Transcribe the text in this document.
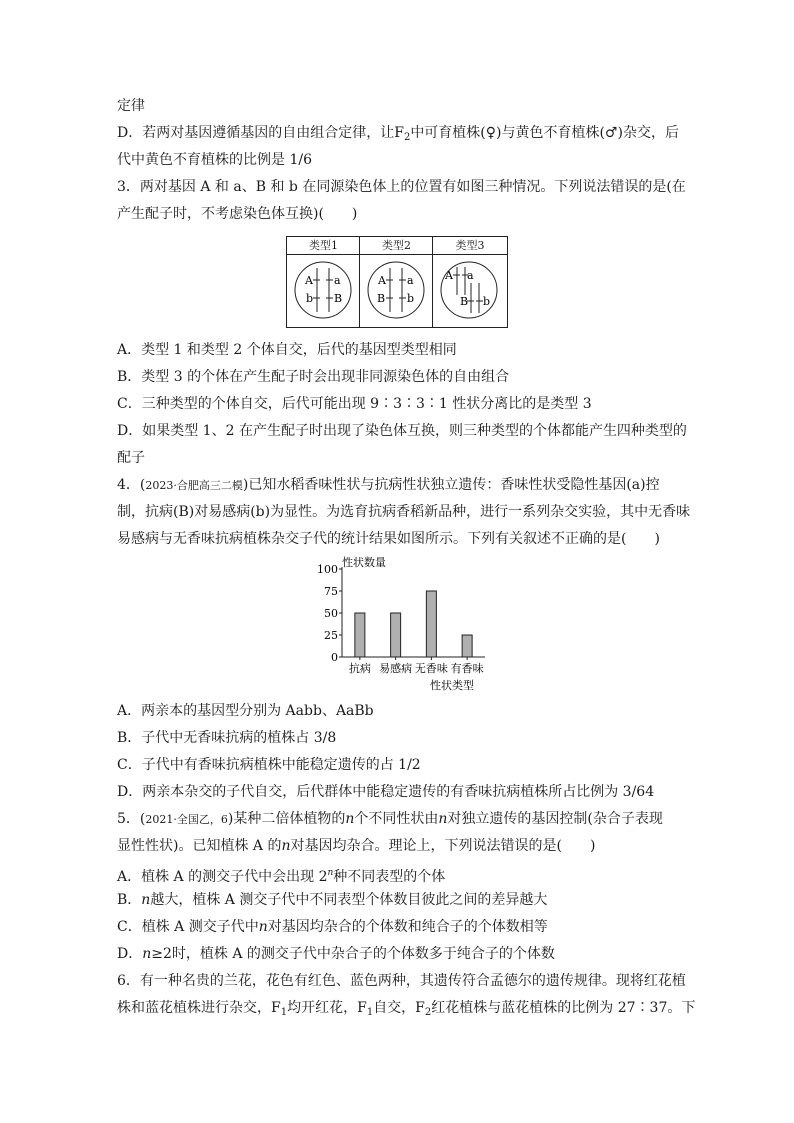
定律
D．若两对基因遵循基因的自由组合定律，让$F_2$中可育植株(♀)与黄色不育植株(♂)杂交，后
代中黄色不育植株的比例是 1/6
3．两对基因 A 和 a、B 和 b 在同源染色体上的位置有如图三种情况。下列说法错误的是(在
产生配子时，不考虑染色体互换)(　　)
类型1	类型2	类型3
A a
b B
A a
B b
A a
B b
A．类型 1 和类型 2 个体自交，后代的基因型类型相同
B．类型 3 的个体在产生配子时会出现非同源染色体的自由组合
C．三种类型的个体自交，后代可能出现 9∶3∶3∶1 性状分离比的是类型 3
D．如果类型 1、2 在产生配子时出现了染色体互换，则三种类型的个体都能产生四种类型的
配子
4．(2023·合肥高三二模)已知水稻香味性状与抗病性状独立遗传：香味性状受隐性基因(a)控
制，抗病(B)对易感病(b)为显性。为选育抗病香稻新品种，进行一系列杂交实验，其中无香味
易感病与无香味抗病植株杂交子代的统计结果如图所示。下列有关叙述不正确的是(　　)
性状数量
性状类型
0
25
50
75
100
抗病 易感病 无香味 有香味
A．两亲本的基因型分别为 Aabb、AaBb
B．子代中无香味抗病的植株占 3/8
C．子代中有香味抗病植株中能稳定遗传的占 1/2
D．两亲本杂交的子代自交，后代群体中能稳定遗传的有香味抗病植株所占比例为 3/64
5．(2021·全国乙，6)某种二倍体植物的n个不同性状由n对独立遗传的基因控制(杂合子表现
显性性状)。已知植株 A 的n对基因均杂合。理论上，下列说法错误的是(　　)
A．植株 A 的测交子代中会出现 2$^n$种不同表型的个体
B．n越大，植株 A 测交子代中不同表型个体数目彼此之间的差异越大
C．植株 A 测交子代中n对基因均杂合的个体数和纯合子的个体数相等
D．n≥2时，植株 A 的测交子代中杂合子的个体数多于纯合子的个体数
6．有一种名贵的兰花，花色有红色、蓝色两种，其遗传符合孟德尔的遗传规律。现将红花植
株和蓝花植株进行杂交，$F_1$均开红花，$F_1$自交，$F_2$红花植株与蓝花植株的比例为 27∶37。下
